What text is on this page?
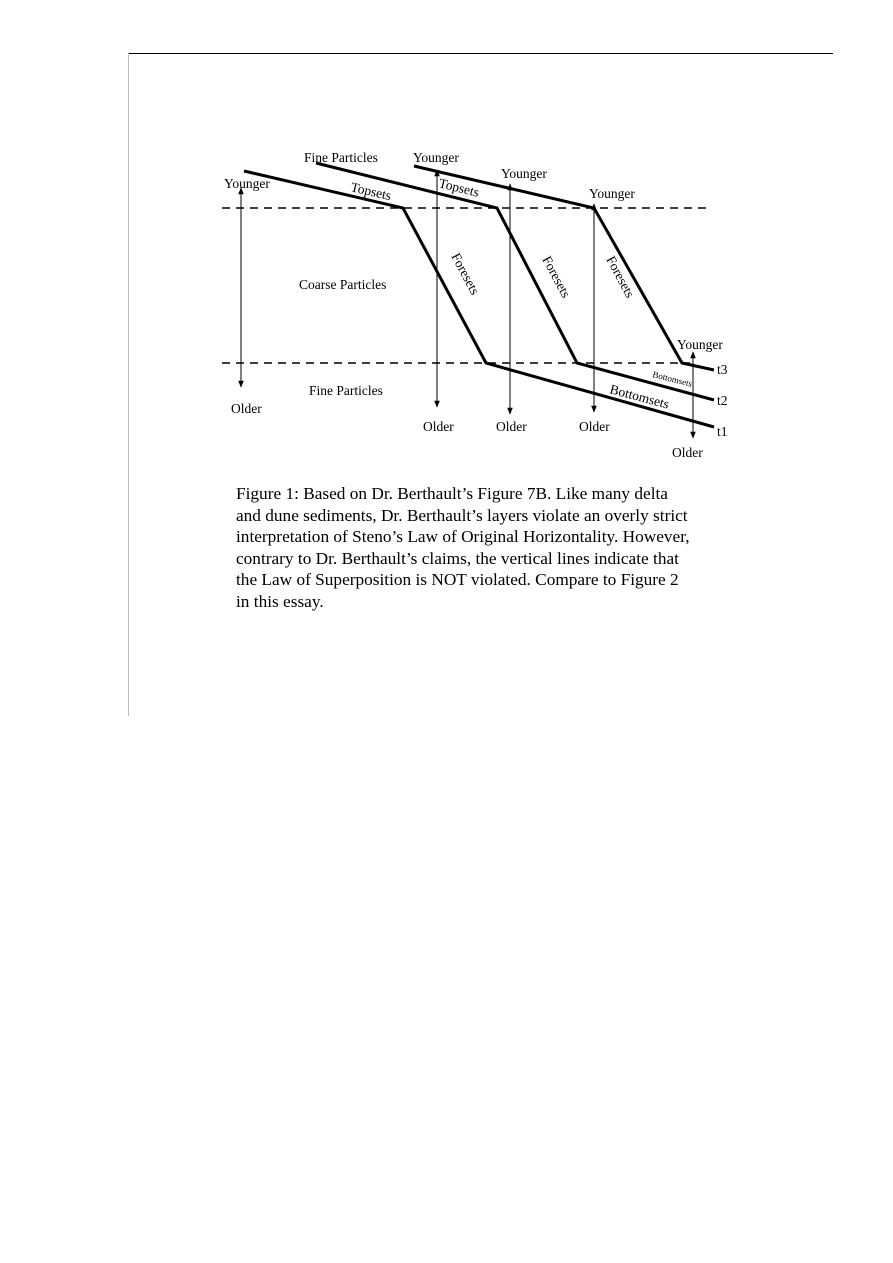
Fine Particles
Coarse Particles
Fine Particles
Younger
Younger
Younger
Younger
Younger
Older
Older	Older	Older
Older
t3
t2
t1
Topsets	Topsets
Foresets	Foresets Foresets
Bottomsets
Bottomsets

Figure 1: Based on Dr. Berthault’s Figure 7B. Like many delta
and dune sediments, Dr. Berthault’s layers violate an overly strict
interpretation of Steno’s Law of Original Horizontality. However,
contrary to Dr. Berthault’s claims, the vertical lines indicate that
the Law of Superposition is NOT violated. Compare to Figure 2
in this essay.
